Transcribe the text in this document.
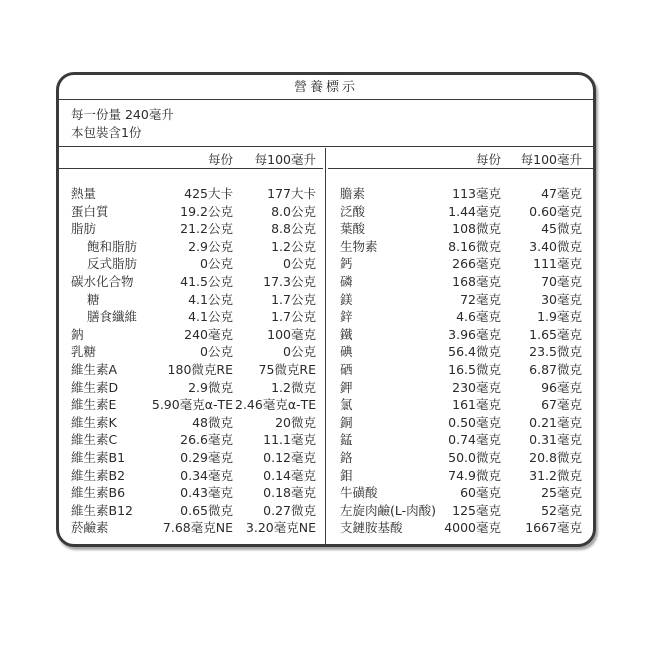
營養標示
每一份量 240毫升
本包裝含1份
每份	每100毫升	每份	每100毫升
熱量	425大卡	177大卡
蛋白質	19.2公克	8.0公克
脂肪	21.2公克	8.8公克
飽和脂肪	2.9公克	1.2公克
反式脂肪	0公克	0公克
碳水化合物	41.5公克	17.3公克
糖	4.1公克	1.7公克
膳食纖維	4.1公克	1.7公克
鈉	240毫克	100毫克
乳糖	0公克	0公克
維生素A	180微克RE	75微克RE
維生素D	2.9微克	1.2微克
維生素E	5.90毫克α-TE 2.46毫克α-TE
維生素K	48微克	20微克
維生素C	26.6毫克	11.1毫克
維生素B1	0.29毫克	0.12毫克
維生素B2	0.34毫克	0.14毫克
維生素B6	0.43毫克	0.18毫克
維生素B12	0.65微克	0.27微克
菸鹼素	7.68毫克NE	3.20毫克NE
膽素	113毫克	47毫克
泛酸	1.44毫克	0.60毫克
葉酸	108微克	45微克
生物素	8.16微克	3.40微克
鈣	266毫克	111毫克
磷	168毫克	70毫克
鎂	72毫克	30毫克
鋅	4.6毫克	1.9毫克
鐵	3.96毫克	1.65毫克
碘	56.4微克	23.5微克
硒	16.5微克	6.87微克
鉀	230毫克	96毫克
氯	161毫克	67毫克
銅	0.50毫克	0.21毫克
錳	0.74毫克	0.31毫克
鉻	50.0微克	20.8微克
鉬	74.9微克	31.2微克
牛磺酸	60毫克	25毫克
左旋肉鹼(L-肉酸)	125毫克	52毫克
支鏈胺基酸	4000毫克	1667毫克
